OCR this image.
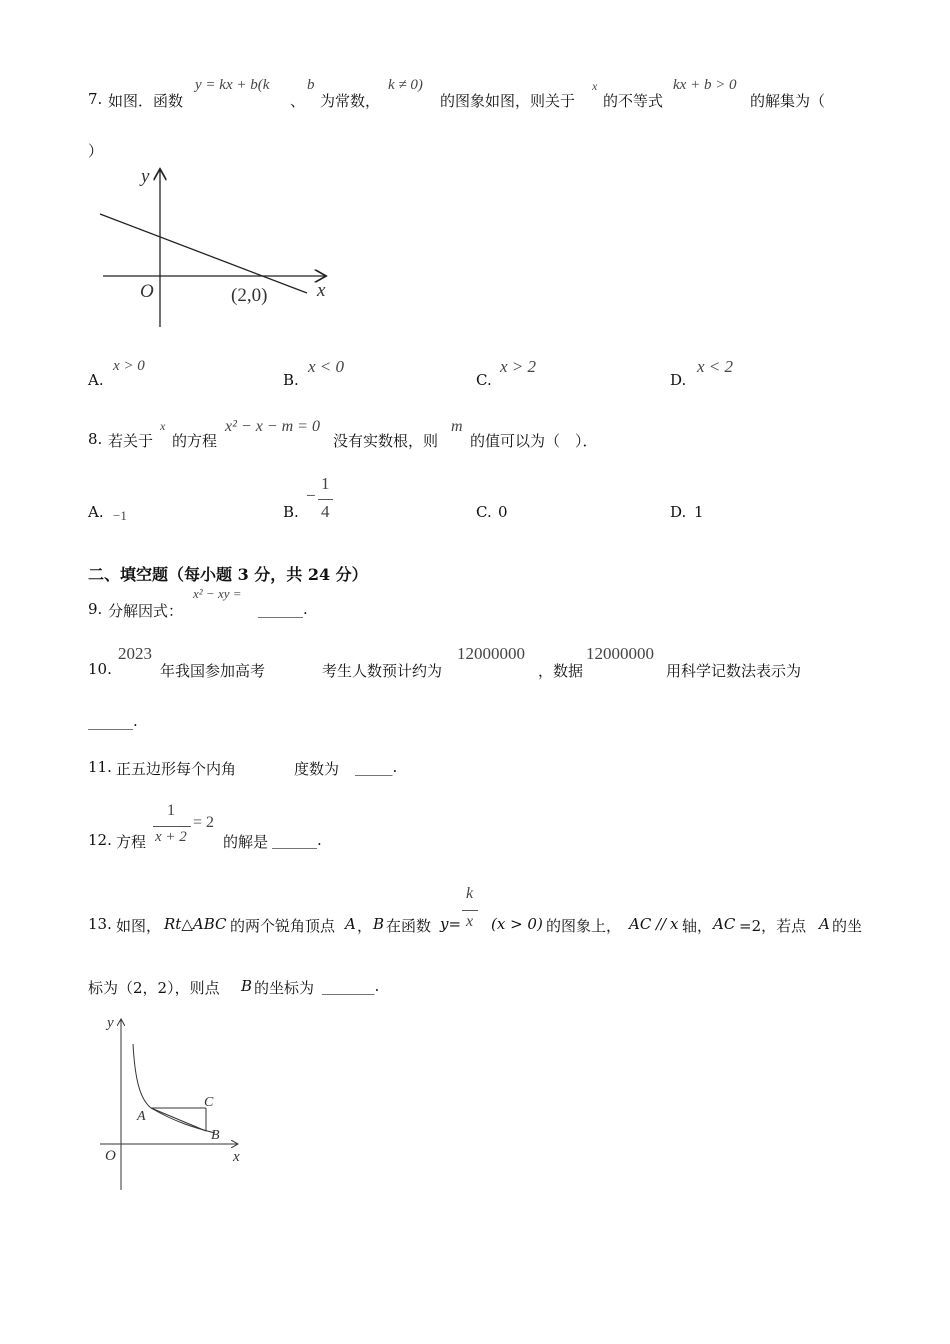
7. 如图．函数
y = kx + b(k
、
b
为常数，
k ≠ 0)
的图象如图，则关于
x
的不等式
kx + b > 0
的解集为（
）
y
x
O	(2,0)
A.
x > 0
B.
x < 0
C.
x > 2
D.
x < 2
8. 若关于
x
的方程
x² − x − m = 0
没有实数根，则
m
的值可以为（　）．
A. −1	B.
−
1
4	C. 0	D. 1
二、填空题（每小题 3 分，共 24 分）
9. 分解因式：
x² − xy =
______.
10.
2023
年我国参加高考	考生人数预计约为
12000000
，数据
12000000
用科学记数法表示为
______.
11. 正五边形每个内角	度数为 _____.
12. 方程
1
x + 2
= 2
的解是 ______.
13. 如图， Rt△ABC 的两个锐角顶点 A ， B 在函数 y=
k
x (x > 0) 的图象上， AC // x 轴， AC =2，若点 A 的坐
标为（2，2），则点 B 的坐标为 _______.
y
x
O
A
B
C
